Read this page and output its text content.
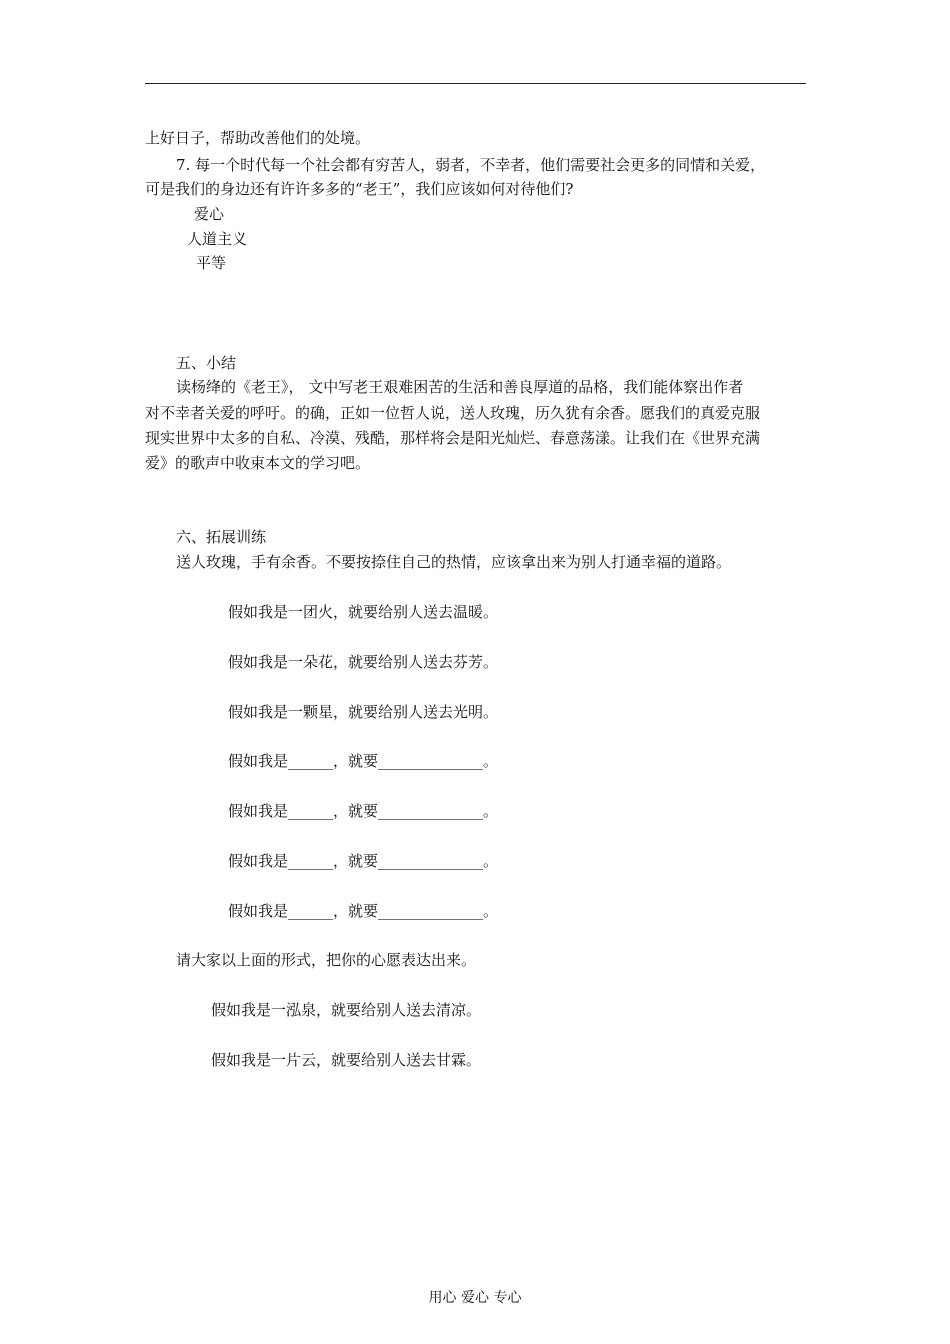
上好日子，帮助改善他们的处境。
7. 每一个时代每一个社会都有穷苦人，弱者，不幸者，他们需要社会更多的同情和关爱，
可是我们的身边还有许许多多的“老王”，我们应该如何对待他们?
爱心
人道主义
平等
五、小结
读杨绛的《老王》， 文中写老王艰难困苦的生活和善良厚道的品格，我们能体察出作者
对不幸者关爱的呼吁。的确，正如一位哲人说，送人玫瑰，历久犹有余香。愿我们的真爱克服
现实世界中太多的自私、冷漠、残酷，那样将会是阳光灿烂、春意荡漾。让我们在《世界充满
爱》的歌声中收束本文的学习吧。
六、拓展训练
送人玫瑰，手有余香。不要按捺住自己的热情，应该拿出来为别人打通幸福的道路。
假如我是一团火，就要给别人送去温暖。
假如我是一朵花，就要给别人送去芬芳。
假如我是一颗星，就要给别人送去光明。
假如我是______，就要______________。
假如我是______，就要______________。
假如我是______，就要______________。
假如我是______，就要______________。
请大家以上面的形式，把你的心愿表达出来。
假如我是一泓泉，就要给别人送去清凉。
假如我是一片云，就要给别人送去甘霖。
用心 爱心 专心
